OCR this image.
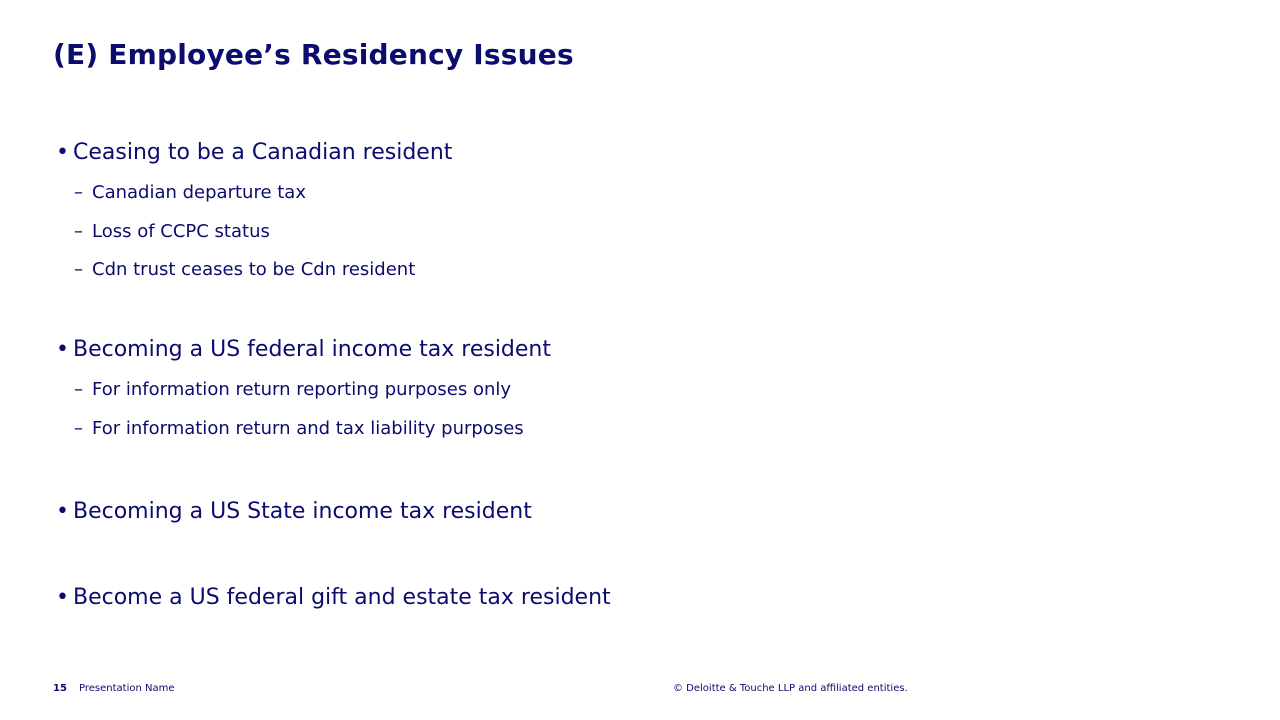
(E) Employee’s Residency Issues
• Ceasing to be a Canadian resident
– Canadian departure tax
– Loss of CCPC status
– Cdn trust ceases to be Cdn resident
• Becoming a US federal income tax resident
– For information return reporting purposes only
– For information return and tax liability purposes
• Becoming a US State income tax resident
• Become a US federal gift and estate tax resident
15 Presentation Name	© Deloitte & Touche LLP and affiliated entities.
